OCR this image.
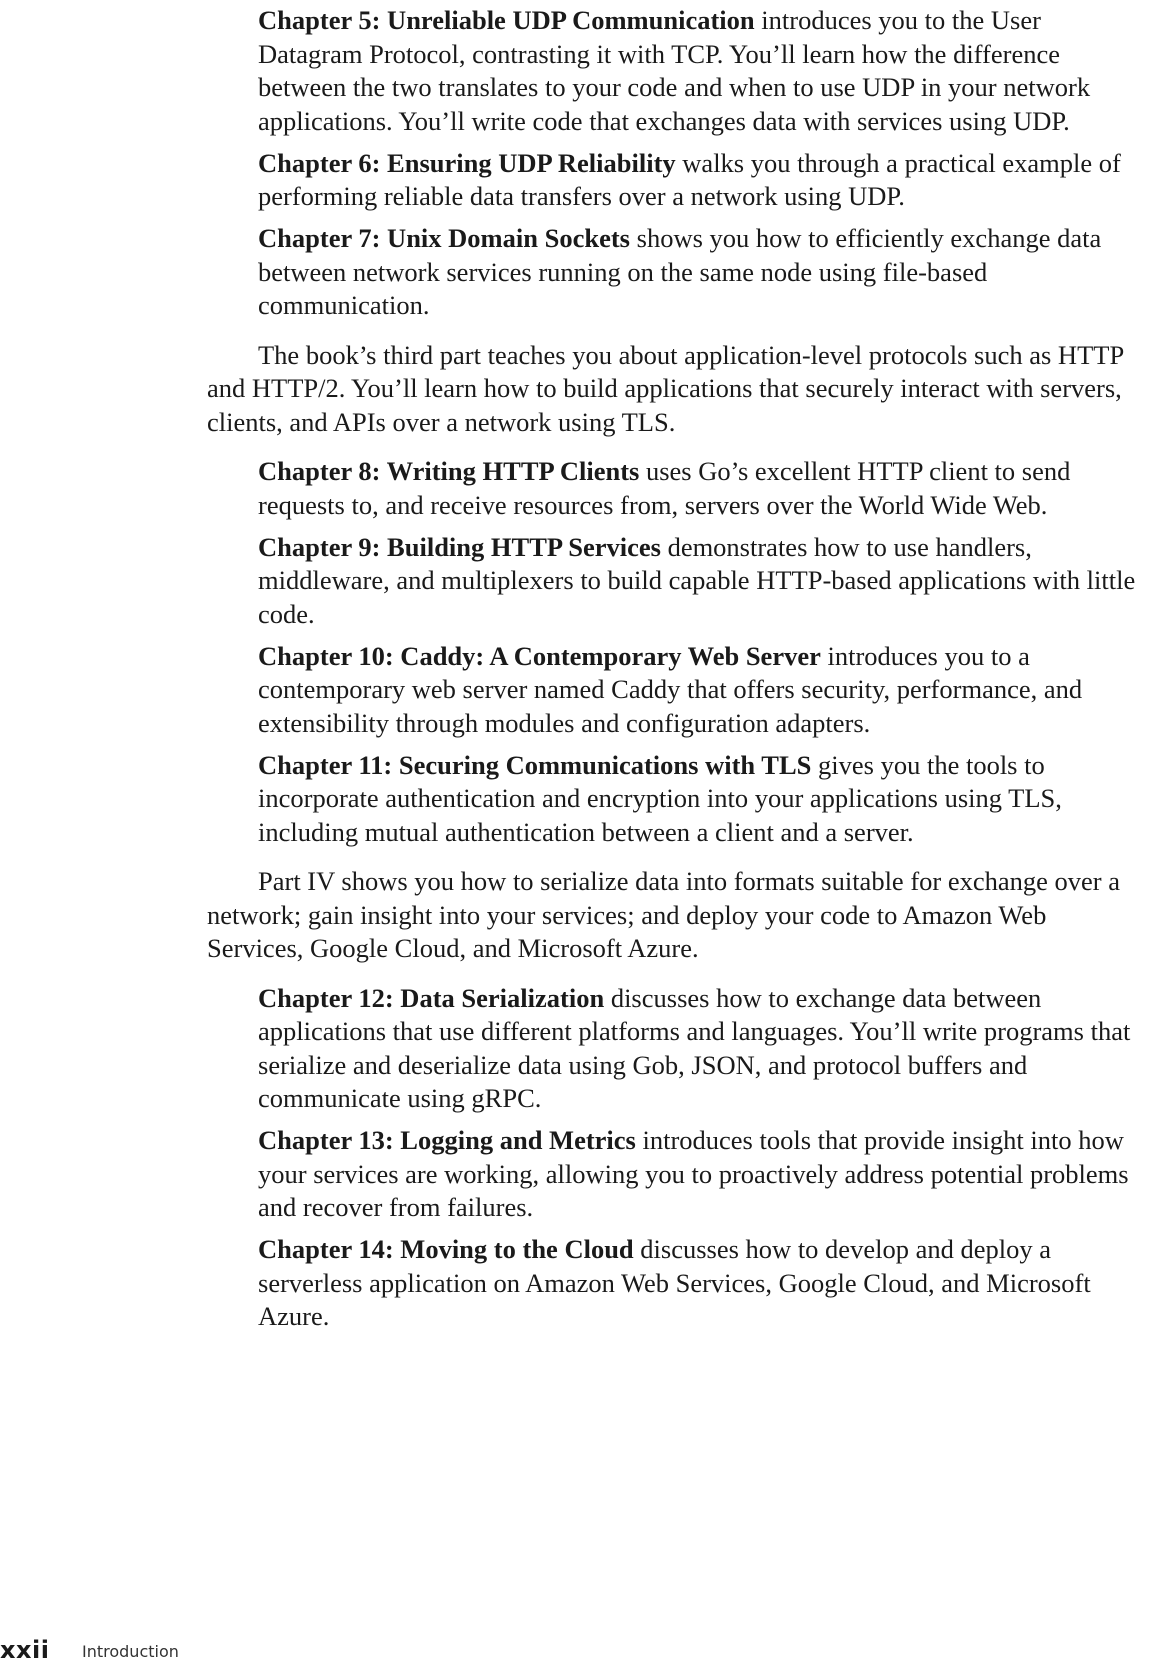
Chapter 5: Unreliable UDP Communication introduces you to the User Datagram Protocol, contrasting it with TCP. You’ll learn how the difference between the two translates to your code and when to use UDP in your network applications. You’ll write code that exchanges data with services using UDP.

Chapter 6: Ensuring UDP Reliability walks you through a practical example of performing reliable data transfers over a network using UDP.

Chapter 7: Unix Domain Sockets shows you how to efficiently exchange data between network services running on the same node using file-based communication.

The book’s third part teaches you about application-level protocols such as HTTP and HTTP/2. You’ll learn how to build applications that securely interact with servers, clients, and APIs over a network using TLS.

Chapter 8: Writing HTTP Clients uses Go’s excellent HTTP client to send requests to, and receive resources from, servers over the World Wide Web.

Chapter 9: Building HTTP Services demonstrates how to use handlers, middleware, and multiplexers to build capable HTTP-based applications with little code.

Chapter 10: Caddy: A Contemporary Web Server introduces you to a contemporary web server named Caddy that offers security, performance, and extensibility through modules and configuration adapters.

Chapter 11: Securing Communications with TLS gives you the tools to incorporate authentication and encryption into your applications using TLS, including mutual authentication between a client and a server.

Part IV shows you how to serialize data into formats suitable for exchange over a network; gain insight into your services; and deploy your code to Amazon Web Services, Google Cloud, and Microsoft Azure.

Chapter 12: Data Serialization discusses how to exchange data between applications that use different platforms and languages. You’ll write programs that serialize and deserialize data using Gob, JSON, and protocol buffers and communicate using gRPC.

Chapter 13: Logging and Metrics introduces tools that provide insight into how your services are working, allowing you to proactively address potential problems and recover from failures.

Chapter 14: Moving to the Cloud discusses how to develop and deploy a serverless application on Amazon Web Services, Google Cloud, and Microsoft Azure.

xxii Introduction
